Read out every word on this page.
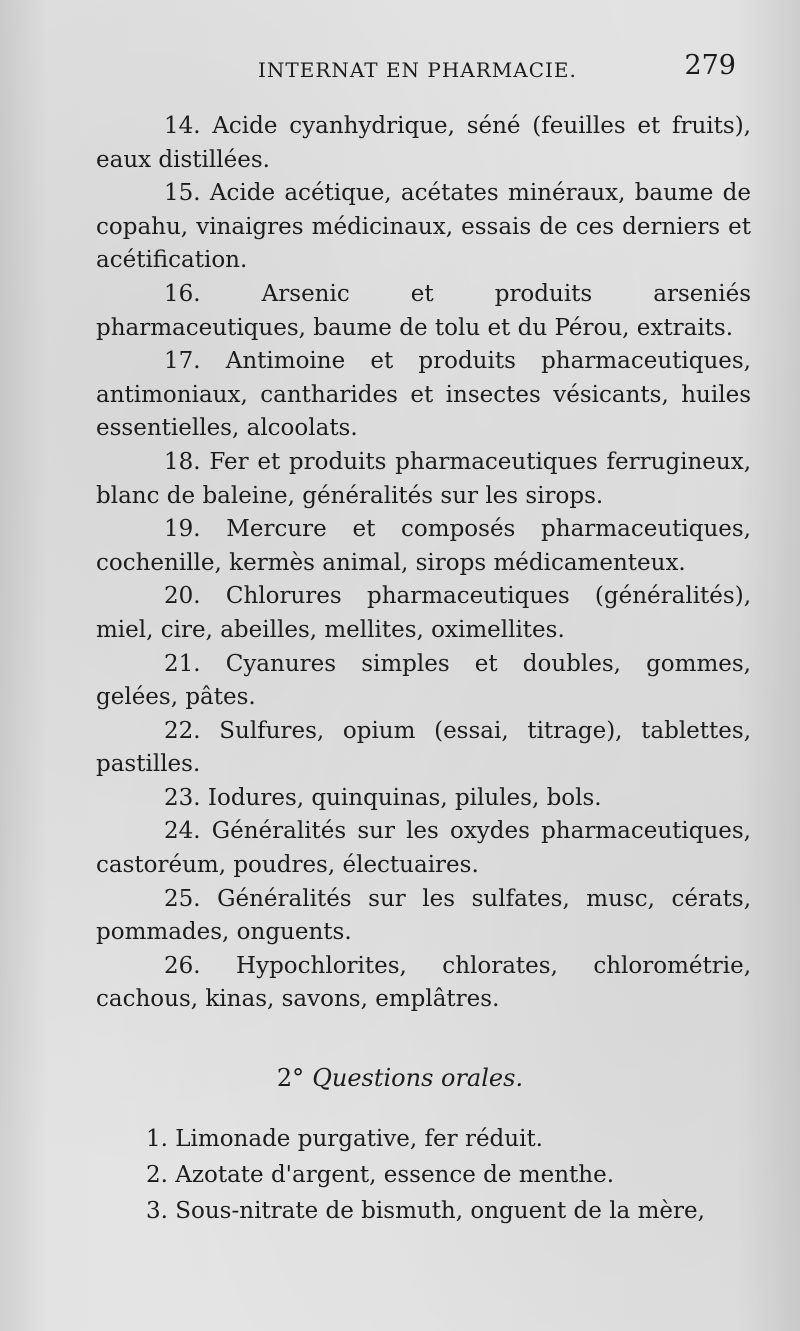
INTERNAT EN PHARMACIE.	279

14. Acide cyanhydrique, séné (feuilles et fruits), eaux distillées.

15. Acide acétique, acétates minéraux, baume de copahu, vinaigres médicinaux, essais de ces derniers et acétification.

16.	Arsenic et produits arseniés pharmaceutiques, baume de tolu et du Pérou, extraits.

17. Antimoine et produits pharmaceutiques, antimoniaux, cantharides et insectes vésicants, huiles essentielles, alcoolats.

18. Fer et produits pharmaceutiques ferrugineux, blanc de baleine, généralités sur les sirops.

19. Mercure et composés pharmaceutiques, cochenille, kermès animal, sirops médicamenteux.

20. Chlorures pharmaceutiques (généralités), miel, cire, abeilles, mellites, oximellites.

21. Cyanures simples et doubles, gommes, gelées, pâtes.

22. Sulfures, opium (essai, titrage), tablettes, pastilles.

23. Iodures, quinquinas, pilules, bols.

24. Généralités sur les oxydes pharmaceutiques, castoréum, poudres, électuaires.

25. Généralités sur les sulfates, musc, cérats, pommades, onguents.

26. Hypochlorites, chlorates, chlorométrie, cachous, kinas, savons, emplâtres.

2° Questions orales.

1. Limonade purgative, fer réduit.

2. Azotate d'argent, essence de menthe.

3. Sous-nitrate de bismuth, onguent de la mère,
